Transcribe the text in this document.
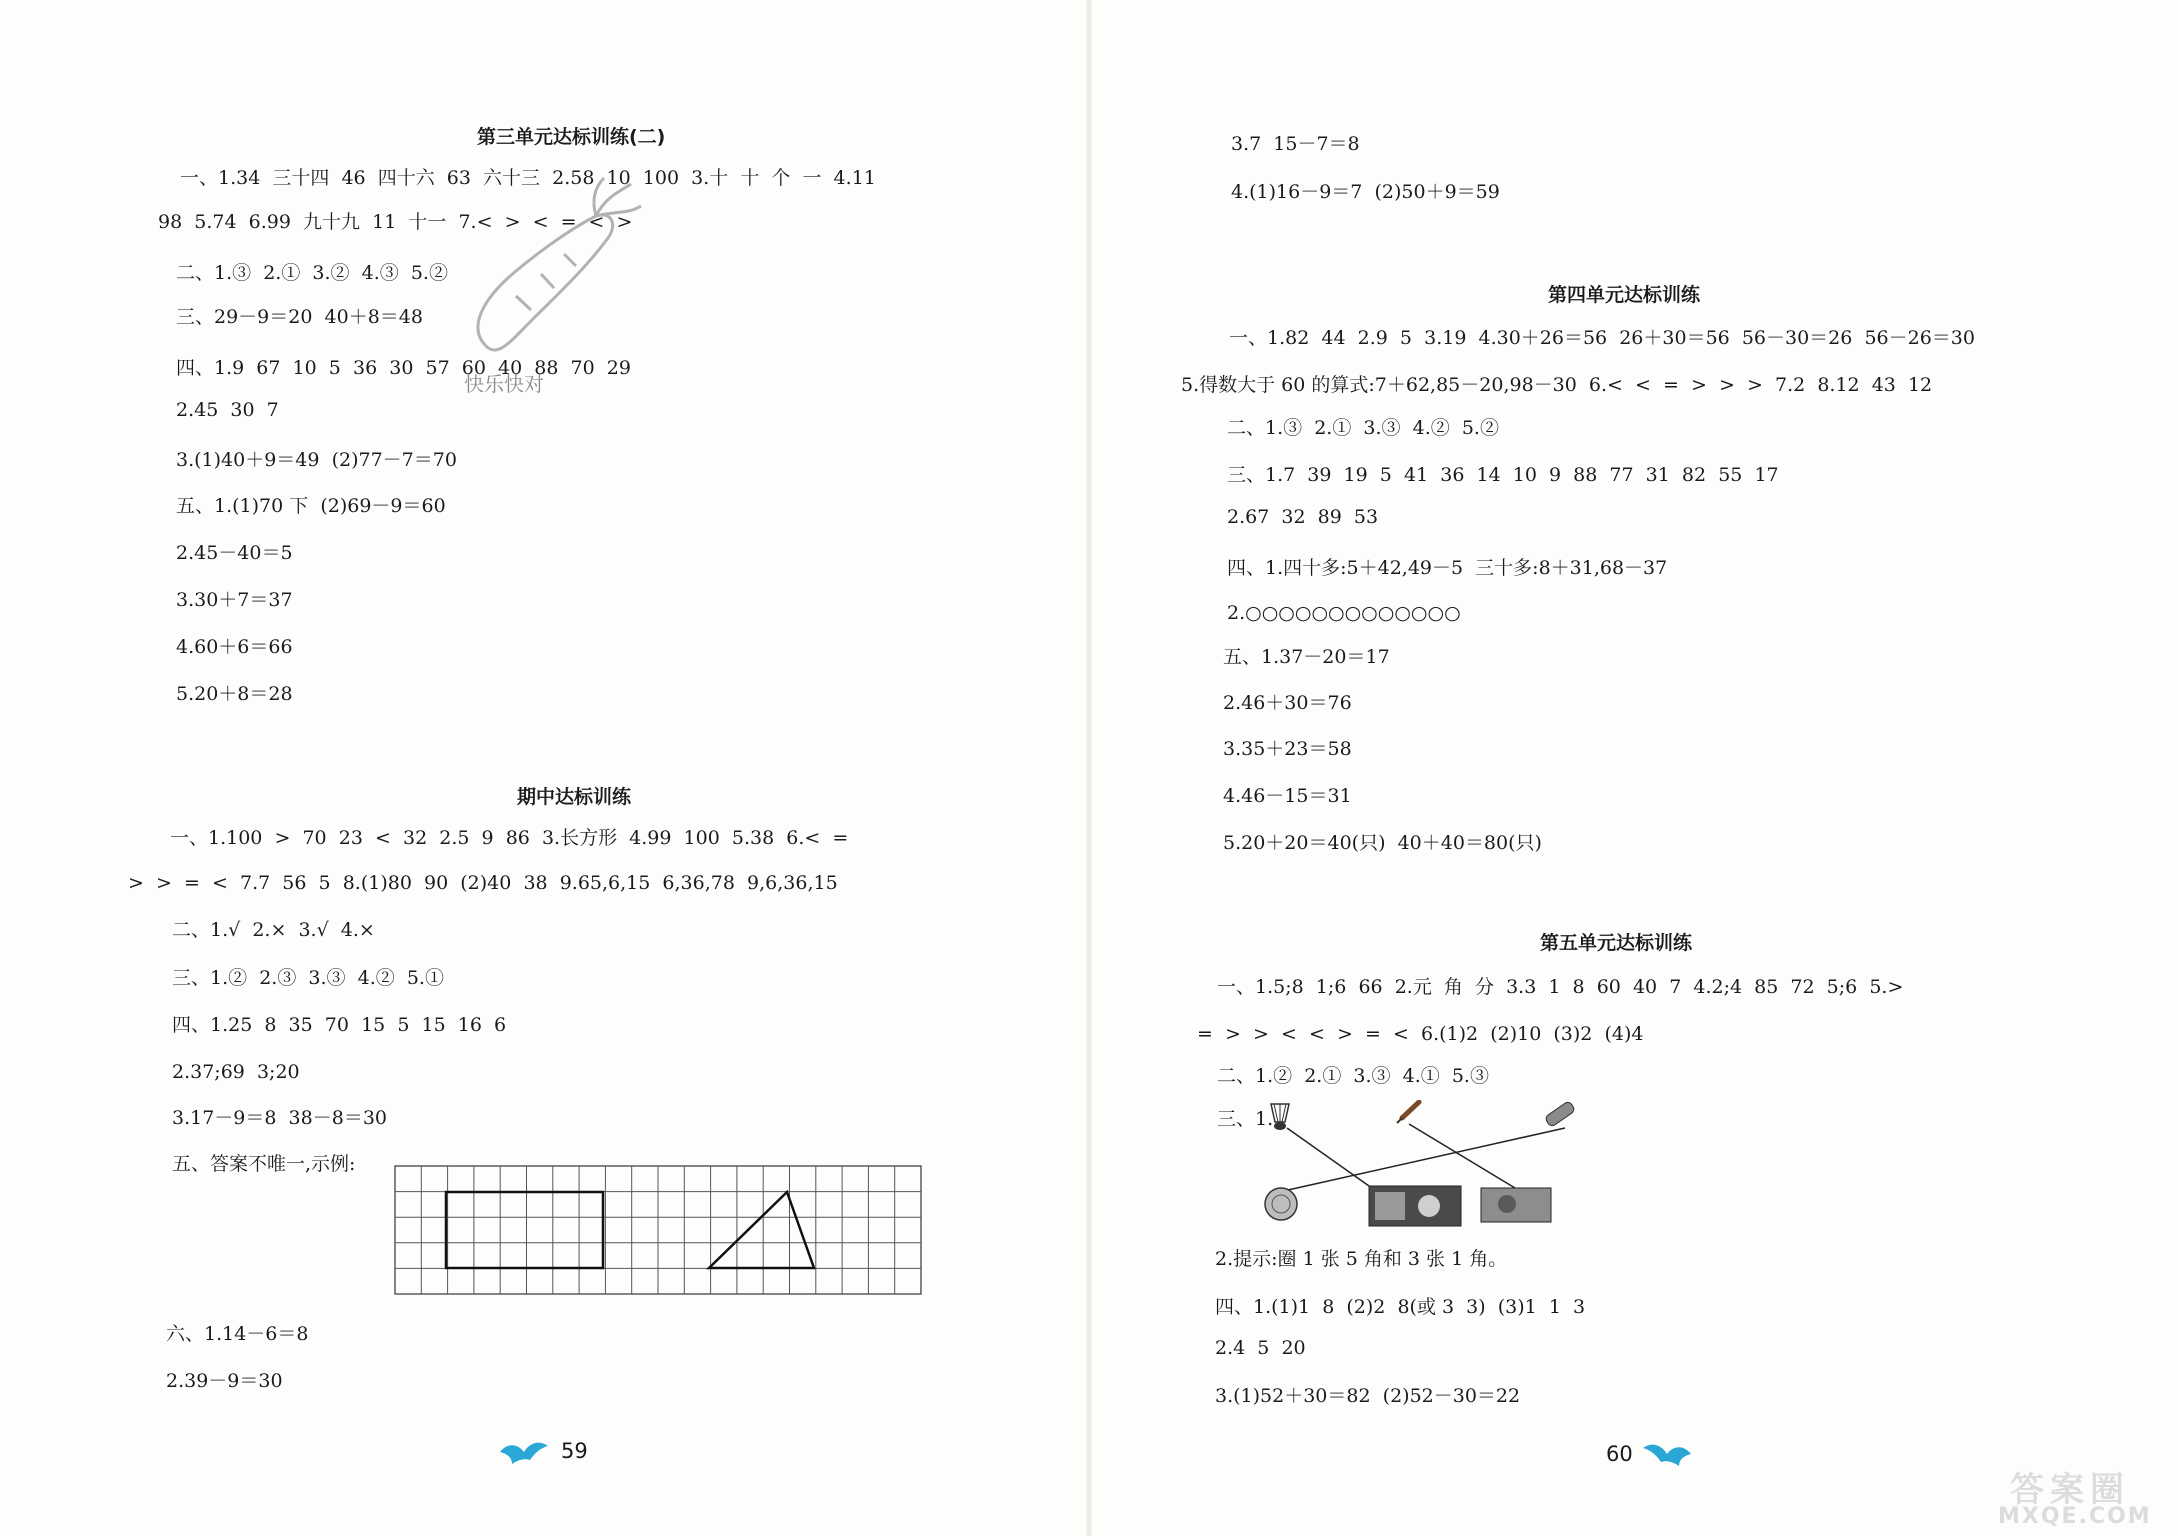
第三单元达标训练(二)
一、1.34  三十四  46  四十六  63  六十三  2.58  10  100  3.十  十  个  一  4.11
98  5.74  6.99  九十九  11  十一  7.<  >  <  =  <  >
二、1.③  2.①  3.②  4.③  5.②
三、29－9＝20  40＋8＝48
四、1.9  67  10  5  36  30  57  60  40  88  70  29
2.45  30  7
3.(1)40＋9＝49  (2)77－7＝70
五、1.(1)70 下  (2)69－9＝60
2.45－40＝5
3.30＋7＝37
4.60＋6＝66
5.20＋8＝28
快乐快对
期中达标训练
一、1.100  >  70  23  <  32  2.5  9  86  3.长方形  4.99  100  5.38  6.<  =
>  >  =  <  7.7  56  5  8.(1)80  90  (2)40  38  9.65,6,15  6,36,78  9,6,36,15
二、1.√  2.×  3.√  4.×
三、1.②  2.③  3.③  4.②  5.①
四、1.25  8  35  70  15  5  15  16  6
2.37;69  3;20
3.17－9＝8  38－8＝30
五、答案不唯一,示例:
六、1.14－6＝8
2.39－9＝30
59
3.7  15－7＝8
4.(1)16－9＝7  (2)50＋9＝59
第四单元达标训练
一、1.82  44  2.9  5  3.19  4.30＋26＝56  26＋30＝56  56－30＝26  56－26＝30
5.得数大于 60 的算式:7＋62,85－20,98－30  6.<  <  =  >  >  >  7.2  8.12  43  12
二、1.③  2.①  3.③  4.②  5.②
三、1.7  39  19  5  41  36  14  10  9  88  77  31  82  55  17
2.67  32  89  53
四、1.四十多:5＋42,49－5  三十多:8＋31,68－37
2.○○○○○○○○○○○○○
五、1.37－20＝17
2.46＋30＝76
3.35＋23＝58
4.46－15＝31
5.20＋20＝40(只)  40＋40＝80(只)
第五单元达标训练
一、1.5;8  1;6  66  2.元  角  分  3.3  1  8  60  40  7  4.2;4  85  72  5;6  5.>
=  >  >  <  <  >  =  <  6.(1)2  (2)10  (3)2  (4)4
二、1.②  2.①  3.③  4.①  5.③
三、1.
2.提示:圈 1 张 5 角和 3 张 1 角。
四、1.(1)1  8  (2)2  8(或 3  3)  (3)1  1  3
2.4  5  20
3.(1)52＋30＝82  (2)52－30＝22
60
答案圈
MXQE.COM
